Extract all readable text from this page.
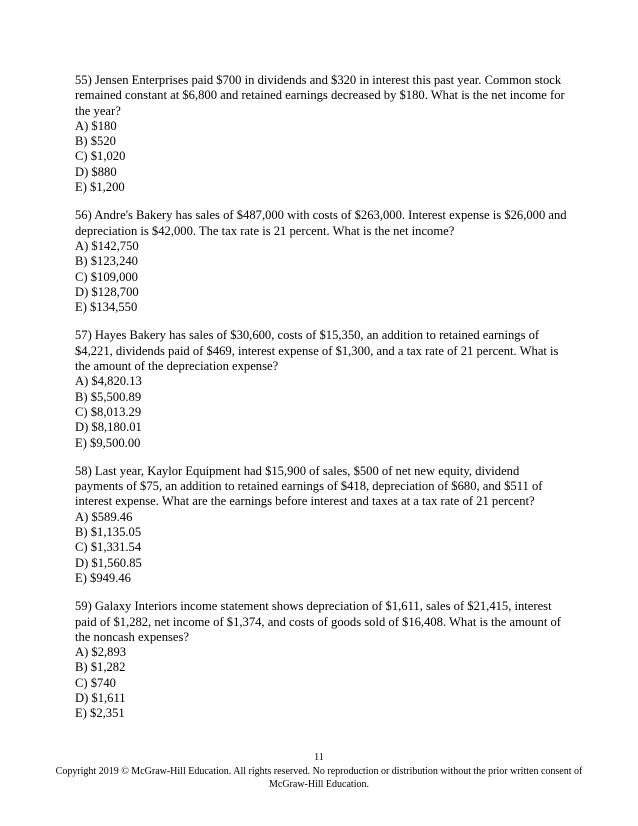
55) Jensen Enterprises paid $700 in dividends and $320 in interest this past year. Common stock remained constant at $6,800 and retained earnings decreased by $180. What is the net income for the year?

A) $180
B) $520
C) $1,020
D) $880
E) $1,200

56) Andre's Bakery has sales of $487,000 with costs of $263,000. Interest expense is $26,000 and depreciation is $42,000. The tax rate is 21 percent. What is the net income?

A) $142,750
B) $123,240
C) $109,000
D) $128,700
E) $134,550

57) Hayes Bakery has sales of $30,600, costs of $15,350, an addition to retained earnings of $4,221, dividends paid of $469, interest expense of $1,300, and a tax rate of 21 percent. What is the amount of the depreciation expense?

A) $4,820.13
B) $5,500.89
C) $8,013.29
D) $8,180.01
E) $9,500.00

58) Last year, Kaylor Equipment had $15,900 of sales, $500 of net new equity, dividend payments of $75, an addition to retained earnings of $418, depreciation of $680, and $511 of interest expense. What are the earnings before interest and taxes at a tax rate of 21 percent?

A) $589.46
B) $1,135.05
C) $1,331.54
D) $1,560.85
E) $949.46

59) Galaxy Interiors income statement shows depreciation of $1,611, sales of $21,415, interest paid of $1,282, net income of $1,374, and costs of goods sold of $16,408. What is the amount of the noncash expenses?

A) $2,893
B) $1,282
C) $740
D) $1,611
E) $2,351
11
Copyright 2019 © McGraw-Hill Education. All rights reserved. No reproduction or distribution without the prior written consent of McGraw-Hill Education.
